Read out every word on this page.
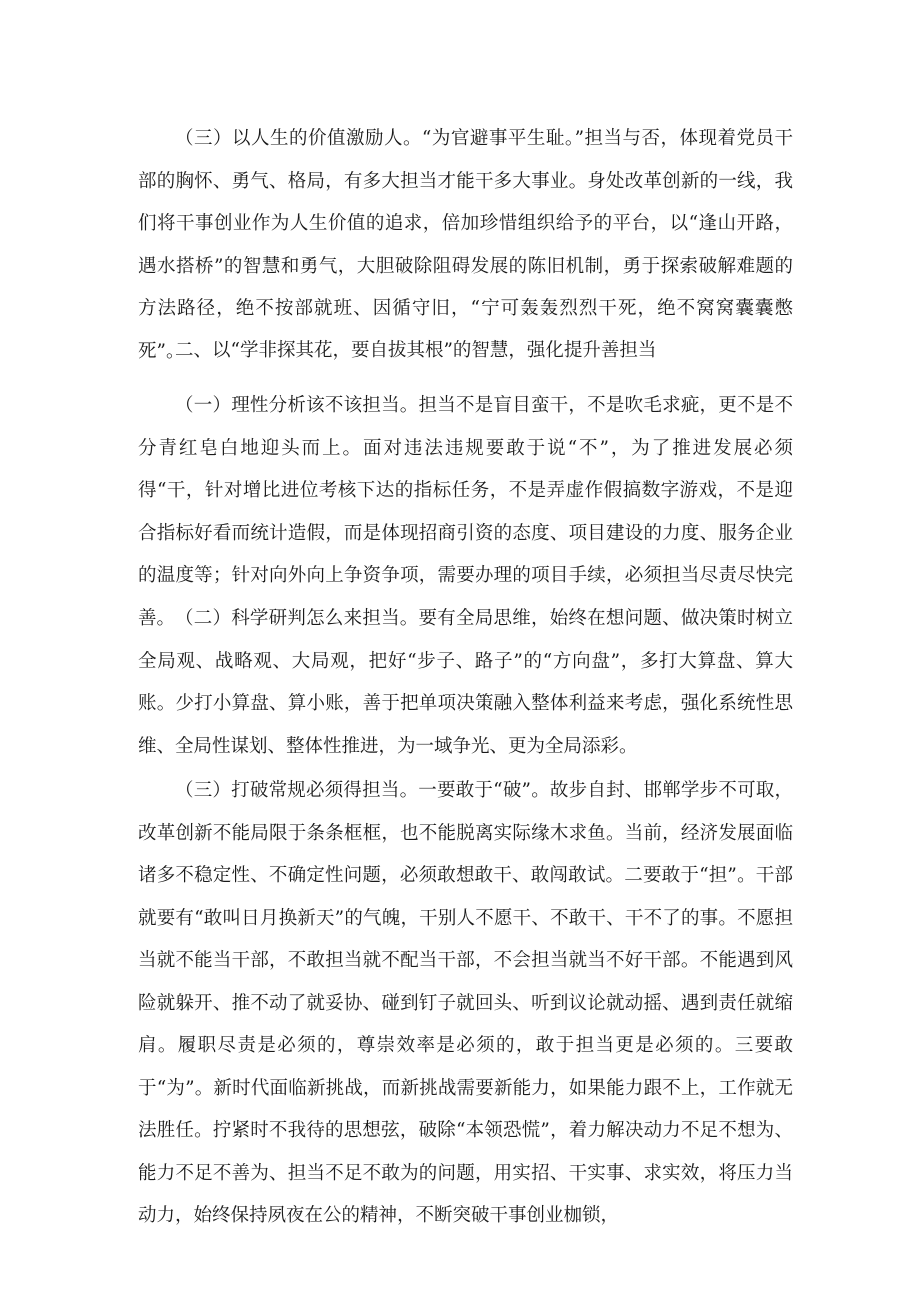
（三）以人生的价值激励人。“为官避事平生耻。”担当与否，体现着党员干部的胸怀、勇气、格局，有多大担当才能干多大事业。身处改革创新的一线，我们将干事创业作为人生价值的追求，倍加珍惜组织给予的平台，以“逢山开路，遇水搭桥”的智慧和勇气，大胆破除阻碍发展的陈旧机制，勇于探索破解难题的方法路径，绝不按部就班、因循守旧，“宁可轰轰烈烈干死，绝不窝窝囊囊憋死”。

二、以“学非探其花，要自拔其根”的智慧，强化提升善担当

（一）理性分析该不该担当。担当不是盲目蛮干，不是吹毛求疵，更不是不分青红皂白地迎头而上。面对违法违规要敢于说“不”，为了推进发展必须得“干，针对增比进位考核下达的指标任务，不是弄虚作假搞数字游戏，不是迎合指标好看而统计造假，而是体现招商引资的态度、项目建设的力度、服务企业的温度等；针对向外向上争资争项，需要办理的项目手续，必须担当尽责尽快完善。 （二）科学研判怎么来担当。要有全局思维，始终在想问题、做决策时树立全局观、战略观、大局观，把好“步子、路子”的“方向盘”，多打大算盘、算大账。少打小算盘、算小账，善于把单项决策融入整体利益来考虑，强化系统性思维、全局性谋划、整体性推进，为一域争光、更为全局添彩。

（三）打破常规必须得担当。一要敢于“破”。故步自封、邯郸学步不可取，改革创新不能局限于条条框框，也不能脱离实际缘木求鱼。当前，经济发展面临诸多不稳定性、不确定性问题，必须敢想敢干、敢闯敢试。二要敢于“担”。干部就要有“敢叫日月换新天”的气魄，干别人不愿干、不敢干、干不了的事。不愿担当就不能当干部，不敢担当就不配当干部，不会担当就当不好干部。不能遇到风险就躲开、推不动了就妥协、碰到钉子就回头、听到议论就动摇、遇到责任就缩肩。履职尽责是必须的，尊崇效率是必须的，敢于担当更是必须的。三要敢于“为”。新时代面临新挑战，而新挑战需要新能力，如果能力跟不上，工作就无法胜任。拧紧时不我待的思想弦，破除“本领恐慌”，着力解决动力不足不想为、能力不足不善为、担当不足不敢为的问题，用实招、干实事、求实效，将压力当动力，始终保持夙夜在公的精神，不断突破干事创业枷锁，
